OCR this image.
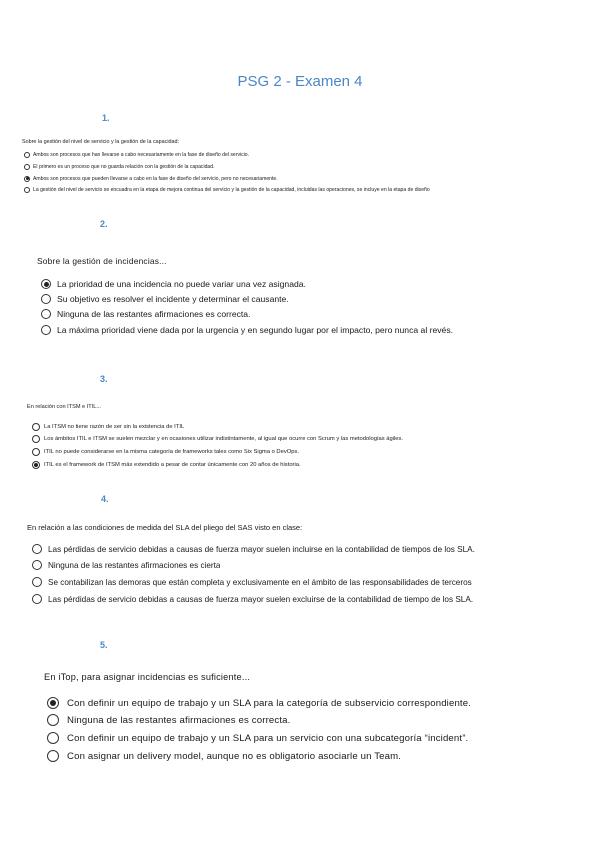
PSG 2 - Examen 4
1.
Sobre la gestión del nivel de servicio y la gestión de la capacidad:
Ambos son procesos que han llevarse a cabo necesariamente en la fase de diseño del servicio.
El primero es un proceso que no guarda relación con la gestión de la capacidad.
Ambos son procesos que pueden llevarse a cabo en la fase de diseño del servicio, pero no necesariamente.
La gestión del nivel de servicio se encuadra en la etapa de mejora continua del servicio y la gestión de la capacidad, incluidas las operaciones, se incluye en la etapa de diseño
2.
Sobre la gestión de incidencias...
La prioridad de una incidencia no puede variar una vez asignada.
Su objetivo es resolver el incidente y determinar el causante.
Ninguna de las restantes afirmaciones es correcta.
La máxima prioridad viene dada por la urgencia y en segundo lugar por el impacto, pero nunca al revés.
3.
En relación con ITSM e ITIL...
La ITSM no tiene razón de ser sin la existencia de ITIL
Los ámbitos ITIL e ITSM se suelen mezclar y en ocasiones utilizar indistintamente, al igual que ocurre con Scrum y las metodologías ágiles.
ITIL no puede considerarse en la misma categoría de frameworks tales como Six Sigma o DevOps.
ITIL es el framework de ITSM más extendido a pesar de contar únicamente con 20 años de historia.
4.
En relación a las condiciones de medida del SLA del pliego del SAS visto en clase:
Las pérdidas de servicio debidas a causas de fuerza mayor suelen incluirse en la contabilidad de tiempos de los SLA.
Ninguna de las restantes afirmaciones es cierta
Se contabilizan las demoras que están completa y exclusivamente en el ámbito de las responsabilidades de terceros
Las pérdidas de servicio debidas a causas de fuerza mayor suelen excluirse de la contabilidad de tiempo de los SLA.
5.
En iTop, para asignar incidencias es suficiente...
Con definir un equipo de trabajo y un SLA para la categoría de subservicio correspondiente.
Ninguna de las restantes afirmaciones es correcta.
Con definir un equipo de trabajo y un SLA para un servicio con una subcategoría “incident”.
Con asignar un delivery model, aunque no es obligatorio asociarle un Team.
